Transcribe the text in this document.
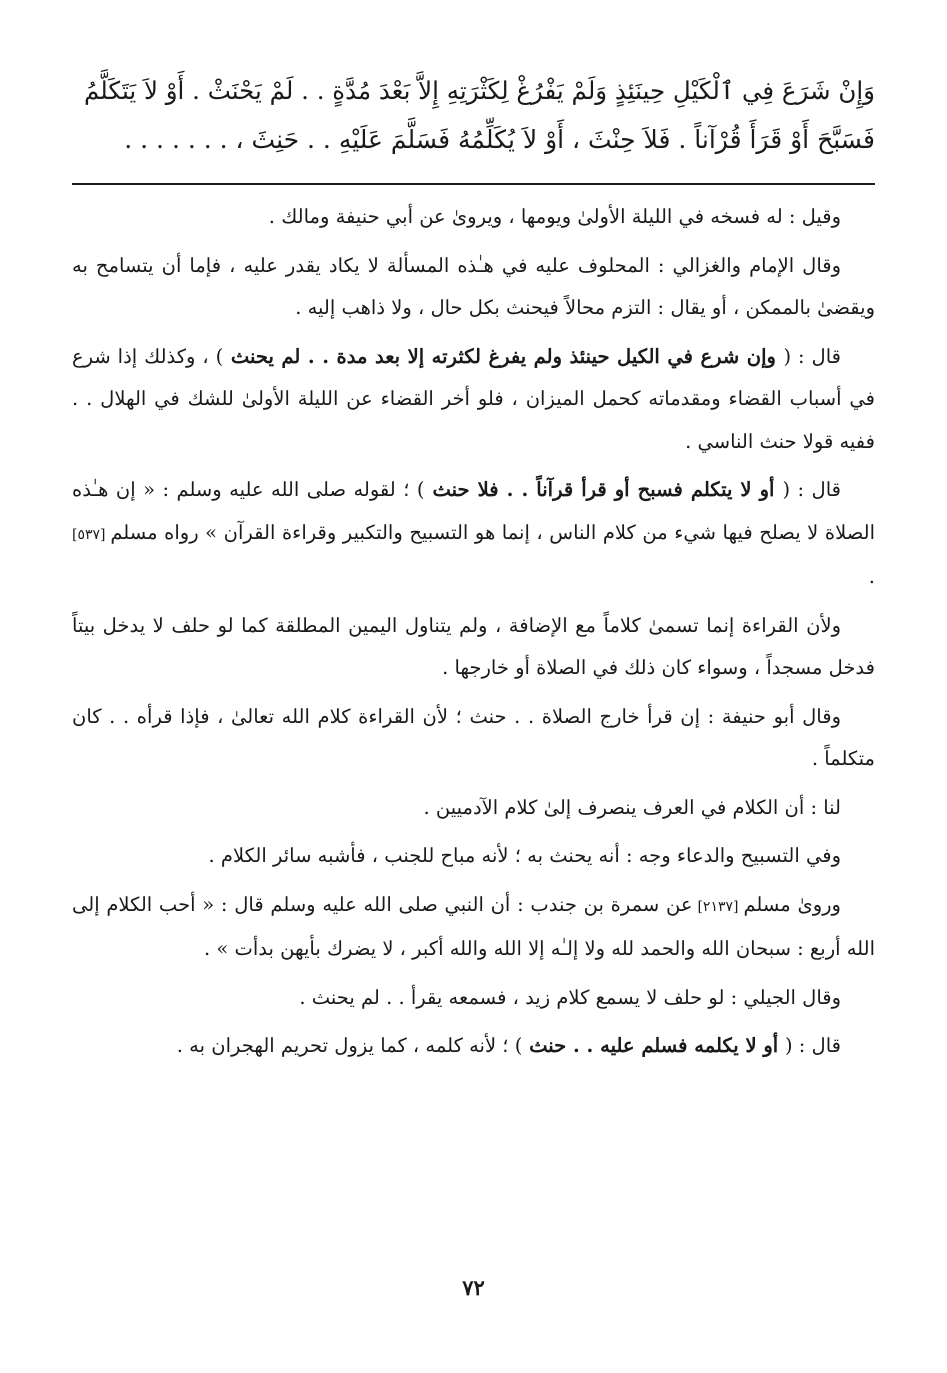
وَإِنْ شَرَعَ فِي ٱلْكَيْلِ حِينَئِذٍ وَلَمْ يَفْرُغْ لِكَثْرَتِهِ إِلاَّ بَعْدَ مُدَّةٍ . . لَمْ يَحْنَثْ . أَوْ لاَ يَتَكَلَّمُ
فَسَبَّحَ أَوْ قَرَأَ قُرْآناً . فَلاَ حِنْثَ ، أَوْ لاَ يُكَلِّمُهُ فَسَلَّمَ عَلَيْهِ . . حَنِثَ ، . . . . . . .

وقيل : له فسخه في الليلة الأولىٰ ويومها ، ويروىٰ عن أبي حنيفة ومالك .

وقال الإمام والغزالي : المحلوف عليه في هـٰذه المسألة لا يكاد يقدر عليه ، فإما أن يتسامح به ويقضىٰ بالممكن ، أو يقال : التزم محالاً فيحنث بكل حال ، ولا ذاهب إليه .

قال : ( وإن شرع في الكيل حينئذ ولم يفرغ لكثرته إلا بعد مدة . . لم يحنث ) ، وكذلك إذا شرع في أسباب القضاء ومقدماته كحمل الميزان ، فلو أخر القضاء عن الليلة الأولىٰ للشك في الهلال . . ففيه قولا حنث الناسي .

قال : ( أو لا يتكلم فسبح أو قرأ قرآناً . . فلا حنث ) ؛ لقوله صلى الله عليه وسلم : « إن هـٰذه الصلاة لا يصلح فيها شيء من كلام الناس ، إنما هو التسبيح والتكبير وقراءة القرآن » رواه مسلم [٥٣٧] .

ولأن القراءة إنما تسمىٰ كلاماً مع الإضافة ، ولم يتناول اليمين المطلقة كما لو حلف لا يدخل بيتاً فدخل مسجداً ، وسواء كان ذلك في الصلاة أو خارجها .

وقال أبو حنيفة : إن قرأ خارج الصلاة . . حنث ؛ لأن القراءة كلام الله تعالىٰ ، فإذا قرأه . . كان متكلماً .

لنا : أن الكلام في العرف ينصرف إلىٰ كلام الآدميين .

وفي التسبيح والدعاء وجه : أنه يحنث به ؛ لأنه مباح للجنب ، فأشبه سائر الكلام .

وروىٰ مسلم [٢١٣٧] عن سمرة بن جندب : أن النبي صلى الله عليه وسلم قال : « أحب الكلام إلى الله أربع : سبحان الله والحمد لله ولا إلـٰه إلا الله والله أكبر ، لا يضرك بأيهن بدأت » .

وقال الجيلي : لو حلف لا يسمع كلام زيد ، فسمعه يقرأ . . لم يحنث .

قال : ( أو لا يكلمه فسلم عليه . . حنث ) ؛ لأنه كلمه ، كما يزول تحريم الهجران به .

٧٢
